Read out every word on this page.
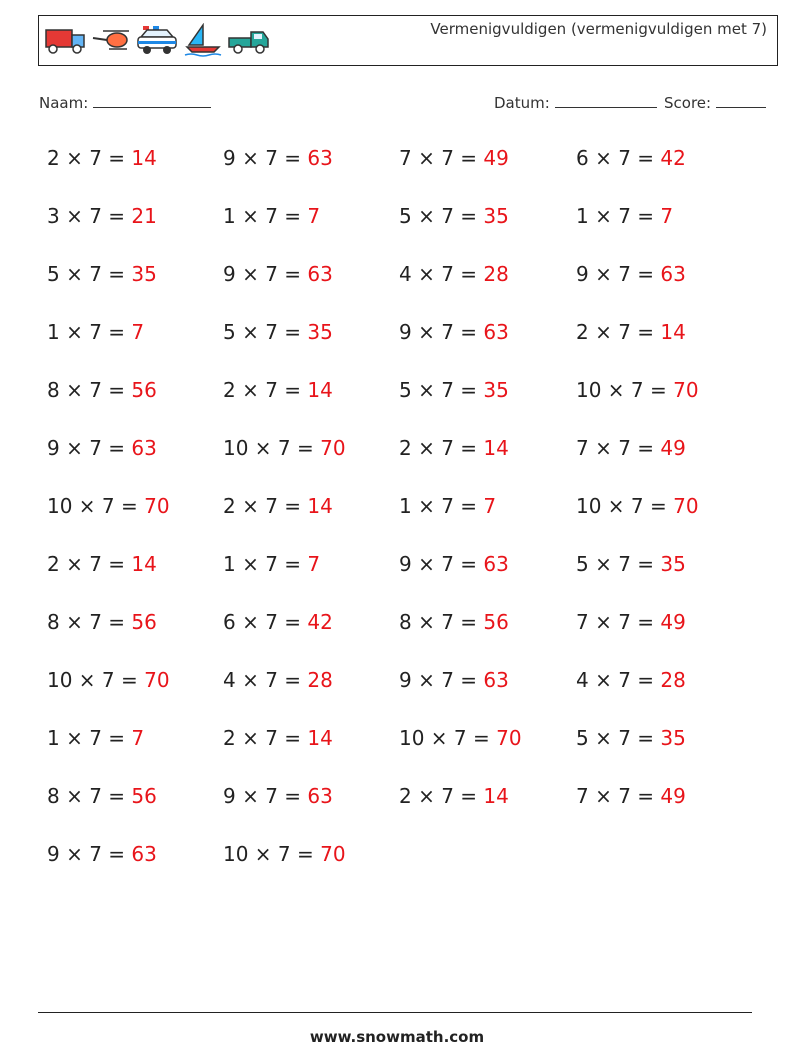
Vermenigvuldigen (vermenigvuldigen met 7)
Naam:	Datum:	Score:
2 × 7 = 14	9 × 7 = 63	7 × 7 = 49	6 × 7 = 42
3 × 7 = 21	1 × 7 = 7	5 × 7 = 35	1 × 7 = 7
5 × 7 = 35	9 × 7 = 63	4 × 7 = 28	9 × 7 = 63
1 × 7 = 7	5 × 7 = 35	9 × 7 = 63	2 × 7 = 14
8 × 7 = 56	2 × 7 = 14	5 × 7 = 35	10 × 7 = 70
9 × 7 = 63	10 × 7 = 70	2 × 7 = 14	7 × 7 = 49
10 × 7 = 70	2 × 7 = 14	1 × 7 = 7	10 × 7 = 70
2 × 7 = 14	1 × 7 = 7	9 × 7 = 63	5 × 7 = 35
8 × 7 = 56	6 × 7 = 42	8 × 7 = 56	7 × 7 = 49
10 × 7 = 70	4 × 7 = 28	9 × 7 = 63	4 × 7 = 28
1 × 7 = 7	2 × 7 = 14	10 × 7 = 70	5 × 7 = 35
8 × 7 = 56	9 × 7 = 63	2 × 7 = 14	7 × 7 = 49
9 × 7 = 63	10 × 7 = 70
www.snowmath.com
